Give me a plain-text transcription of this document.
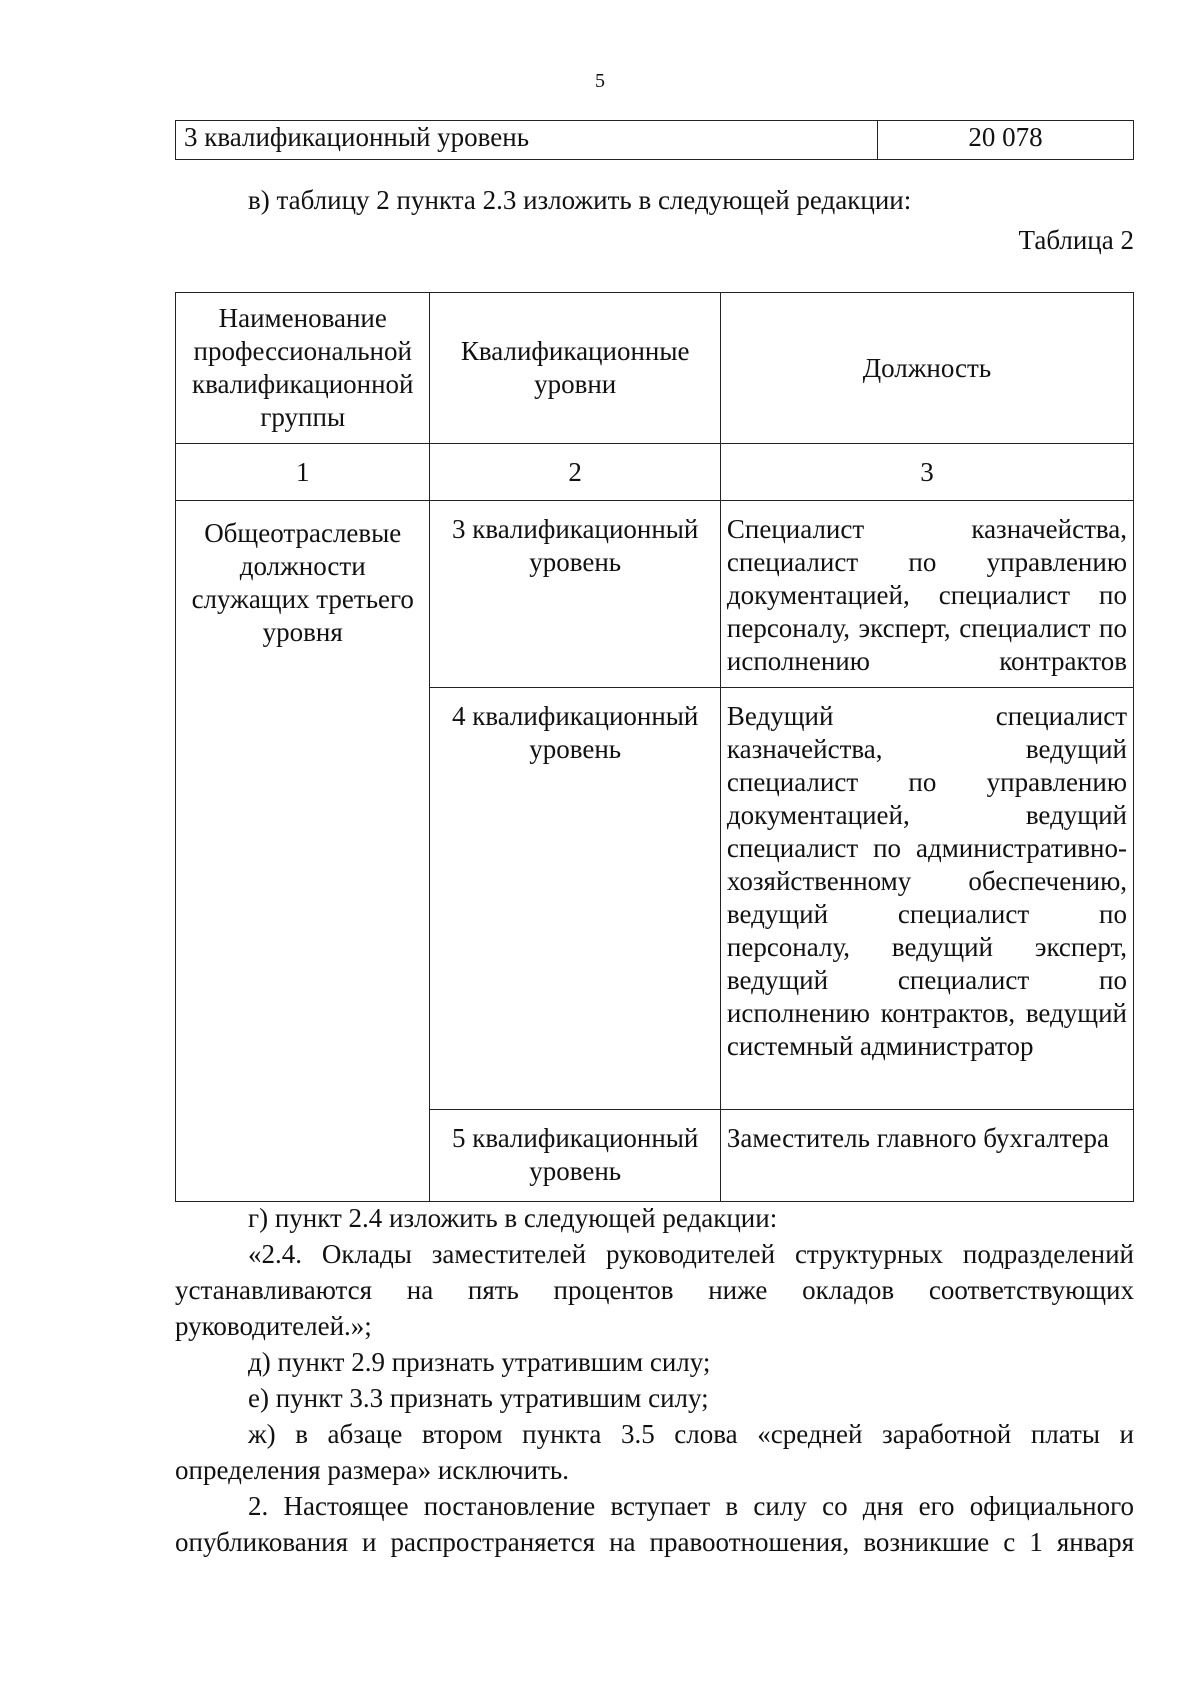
5
3 квалификационный уровень	20 078

в) таблицу 2 пункта 2.3 изложить в следующей редакции:

Таблица 2

Наименование профессиональной квалификационной группы	Квалификационные уровни	Должность
1	2	3
Общеотраслевые должности служащих третьего уровня	3 квалификационный уровень	Специалист казначейства, специалист по управлению документацией, специалист по персоналу, эксперт, специалист по исполнению контрактов
	4 квалификационный уровень	Ведущий специалист казначейства, ведущий специалист по управлению документацией, ведущий специалист по административно-хозяйственному обеспечению, ведущий специалист по персоналу, ведущий эксперт, ведущий специалист по исполнению контрактов, ведущий системный администратор
	5 квалификационный уровень	Заместитель главного бухгалтера

г) пункт 2.4 изложить в следующей редакции:

«2.4. Оклады заместителей руководителей структурных подразделений устанавливаются на пять процентов ниже окладов соответствующих руководителей.»;

д) пункт 2.9 признать утратившим силу;

е) пункт 3.3 признать утратившим силу;

ж) в абзаце втором пункта 3.5 слова «средней заработной платы и определения размера» исключить.

2. Настоящее постановление вступает в силу со дня его официального опубликования и распространяется на правоотношения, возникшие с 1 января
